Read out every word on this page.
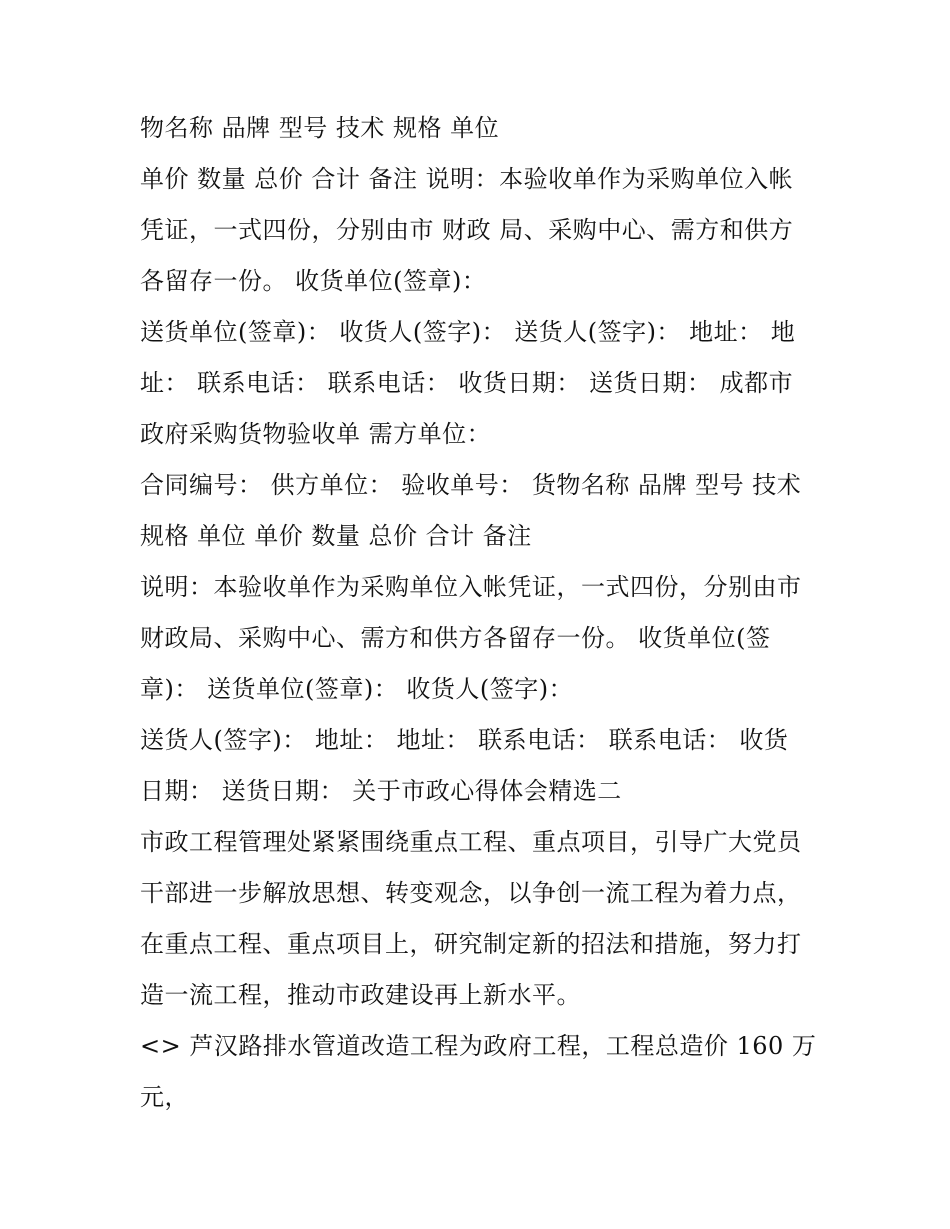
物名称 品牌 型号 技术 规格 单位
单价 数量 总价 合计 备注 说明：本验收单作为采购单位入帐
凭证，一式四份，分别由市 财政 局、采购中心、需方和供方
各留存一份。 收货单位(签章)：
送货单位(签章)： 收货人(签字)： 送货人(签字)： 地址： 地
址： 联系电话： 联系电话： 收货日期： 送货日期： 成都市
政府采购货物验收单 需方单位：
合同编号： 供方单位： 验收单号： 货物名称 品牌 型号 技术
规格 单位 单价 数量 总价 合计 备注
说明：本验收单作为采购单位入帐凭证，一式四份，分别由市
财政局、采购中心、需方和供方各留存一份。 收货单位(签
章)： 送货单位(签章)： 收货人(签字)：
送货人(签字)： 地址： 地址： 联系电话： 联系电话： 收货
日期： 送货日期： 关于市政心得体会精选二
市政工程管理处紧紧围绕重点工程、重点项目，引导广大党员
干部进一步解放思想、转变观念，以争创一流工程为着力点，
在重点工程、重点项目上，研究制定新的招法和措施，努力打
造一流工程，推动市政建设再上新水平。
<> 芦汉路排水管道改造工程为政府工程，工程总造价 160 万
元，
